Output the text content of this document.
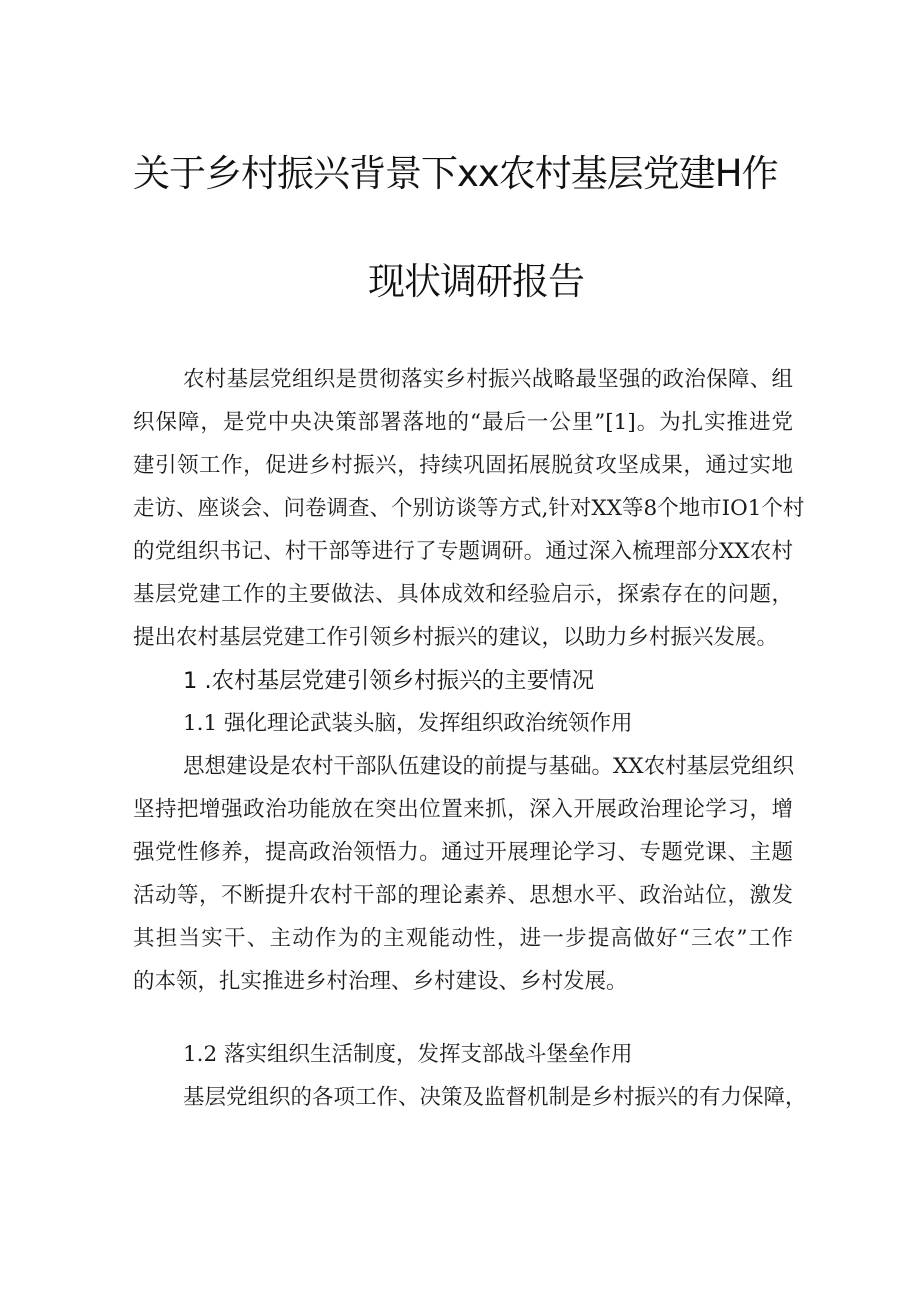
关于乡村振兴背景下xx农村基层党建H作
现状调研报告
农村基层党组织是贯彻落实乡村振兴战略最坚强的政治保障、组
织保障，是党中央决策部署落地的“最后一公里”[1]。为扎实推进党
建引领工作，促进乡村振兴，持续巩固拓展脱贫攻坚成果，通过实地
走访、座谈会、问卷调查、个别访谈等方式,针对XX等8个地市IO1个村
的党组织书记、村干部等进行了专题调研。通过深入梳理部分XX农村
基层党建工作的主要做法、具体成效和经验启示，探索存在的问题，
提出农村基层党建工作引领乡村振兴的建议，以助力乡村振兴发展。
1 .农村基层党建引领乡村振兴的主要情况
1.1 强化理论武装头脑，发挥组织政治统领作用
思想建设是农村干部队伍建设的前提与基础。XX农村基层党组织
坚持把增强政治功能放在突出位置来抓，深入开展政治理论学习，增
强党性修养，提高政治领悟力。通过开展理论学习、专题党课、主题
活动等，不断提升农村干部的理论素养、思想水平、政治站位，激发
其担当实干、主动作为的主观能动性，进一步提高做好“三农”工作
的本领，扎实推进乡村治理、乡村建设、乡村发展。
1.2 落实组织生活制度，发挥支部战斗堡垒作用
基层党组织的各项工作、决策及监督机制是乡村振兴的有力保障，
